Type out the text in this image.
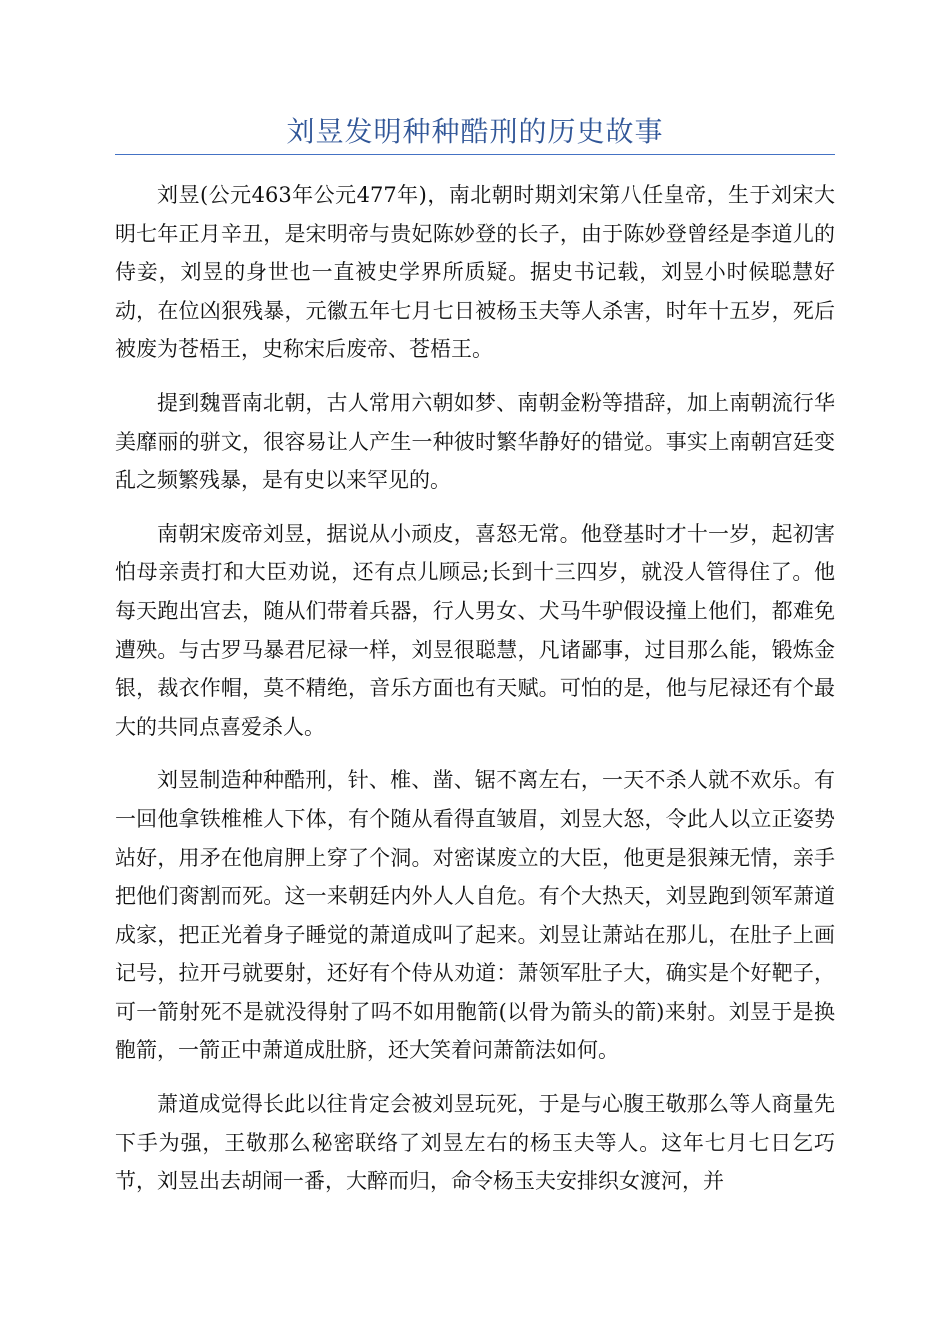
刘昱发明种种酷刑的历史故事

刘昱(公元463年公元477年)，南北朝时期刘宋第八任皇帝，生于刘宋大明七年正月辛丑，是宋明帝与贵妃陈妙登的长子，由于陈妙登曾经是李道儿的侍妾，刘昱的身世也一直被史学界所质疑。据史书记载，刘昱小时候聪慧好动，在位凶狠残暴，元徽五年七月七日被杨玉夫等人杀害，时年十五岁，死后被废为苍梧王，史称宋后废帝、苍梧王。

提到魏晋南北朝，古人常用六朝如梦、南朝金粉等措辞，加上南朝流行华美靡丽的骈文，很容易让人产生一种彼时繁华静好的错觉。事实上南朝宫廷变乱之频繁残暴，是有史以来罕见的。

南朝宋废帝刘昱，据说从小顽皮，喜怒无常。他登基时才十一岁，起初害怕母亲责打和大臣劝说，还有点儿顾忌;长到十三四岁，就没人管得住了。他每天跑出宫去，随从们带着兵器，行人男女、犬马牛驴假设撞上他们，都难免遭殃。与古罗马暴君尼禄一样，刘昱很聪慧，凡诸鄙事，过目那么能，锻炼金银，裁衣作帽，莫不精绝，音乐方面也有天赋。可怕的是，他与尼禄还有个最大的共同点喜爱杀人。

刘昱制造种种酷刑，针、椎、凿、锯不离左右，一天不杀人就不欢乐。有一回他拿铁椎椎人下体，有个随从看得直皱眉，刘昱大怒，令此人以立正姿势站好，用矛在他肩胛上穿了个洞。对密谋废立的大臣，他更是狠辣无情，亲手把他们脔割而死。这一来朝廷内外人人自危。有个大热天，刘昱跑到领军萧道成家，把正光着身子睡觉的萧道成叫了起来。刘昱让萧站在那儿，在肚子上画记号，拉开弓就要射，还好有个侍从劝道：萧领军肚子大，确实是个好靶子，可一箭射死不是就没得射了吗不如用骲箭(以骨为箭头的箭)来射。刘昱于是换骲箭，一箭正中萧道成肚脐，还大笑着问萧箭法如何。

萧道成觉得长此以往肯定会被刘昱玩死，于是与心腹王敬那么等人商量先下手为强，王敬那么秘密联络了刘昱左右的杨玉夫等人。这年七月七日乞巧节，刘昱出去胡闹一番，大醉而归，命令杨玉夫安排织女渡河，并
